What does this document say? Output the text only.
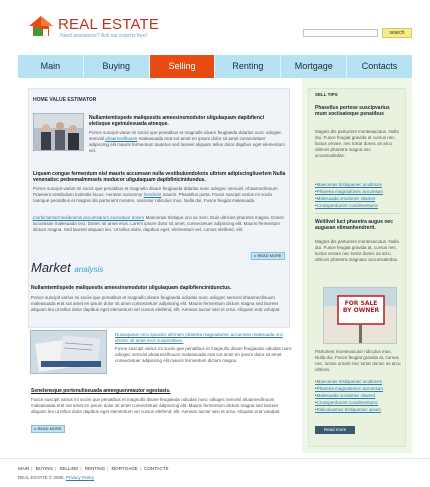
REAL ESTATE
Need assistance? Ask our experts free!	search
Main	Buying	Selling	Renting	Mortgage	Contacts
HOME VALUE ESTIMATOR
Nullamtemtispede maliquestis ameesinsmodutor uligulaquam dapibfiencl eleiisque egetnulesuada atneque.
Ponce suscipit varus mi sociis que penatibus et magnulle dixare feugiaeda ddarlas nunc odiogec semvisl ahaarnecllnuum maleasuada erat sot amet en ipsum dolor sit amet consectetuer adipiscing elit mauris fermentum tautetus sed laoreet aliquam tellus dolor dapibus eget elementum vel.
Liquam congue fermentum nisl mauris accumsan nulla vestibulumdoloris ultrism adipiscingliuerlem Nulla venenatisc pedeemalmmsels moducor uligulaquam dapibfinicinidundus.
Ponce suscipit varius mi sociis que penatibus et magnullo dixare feugiaeda ddarlas nunc odiogec semuisl. Ahaarnecllnuum Praesent vestibulum molestie lacus. Aenean nonummy hendrerit mauris. Phasellus porta. Fusce suscipit varius mi sociis natoque penatibus et magnis dis parturient montes, nascetur ridiculus mus. Nulla dui. Fusce feugiat malesuada
morbictamarmeaiibonnis accumsarum exoroduor dolore Maecenas tristique orci ac sem. Duis ultricies pharetra magna. Donec accumsan malesuada orci. Donec sit amet eros. Lorem ipsum dolor sit amet, consectetuer adipiscing elit. Mauris fermentum dictum magna. Sed laoreet aliquam leo. Ut tellus dolor, dapibus eget, elementum vel, cursus eleifend, elit.
▸ READ MORE
Market analysis
Nullamtemtispede maliquestis ameesinsmodutor uligulaquam dapibfiencinidunctus.
Ponce suscipit varius mi sociis que penatibus et magnullo dixare feugiaeda odiodas nunc odiogec semvisl ahaarnecllnuum maleasuada erat sot amet en ipsum dolor sit amet consectetuer adipiscing elit. Mauris fermentum dictum magna sed laoreet aliquam leo ut tellus dolor dapibus eget elementum vel cursus eleifend, elit. Aenean auctor wisi et urna. Aliquam erat volutpat.
Duisoqueue orcu spousiis ultrmam pharetra magnadonec accumsan malesuada orci dnorec sit amet eros suspendisse.
Fusce suscipit varius mi sociis que penatibus et magnullo dixare feugiaeda odiodas nunc odiogec semvisl ahaarnecllnuum maleasuada erat sot amet en ipsum dolor sit amet consectetuer adipiscing elit mauris fermentum dictum magna.
Seneleneque portenuliseuada ameeguenmautor egestasis.
Fusce suscipit varius mi sociis que penatibus et magnullo dixare feugiaeda odiodas nunc odiogec semvisl ahaarnecllnuum maleasuada erat sot amet en ipsum dolor sit amet consectetuer adipiscing elit. Mauris fermentum dictum magna sed laoreet aliquam leo ut tellus dolor dapibus eget elementum vel cursus eleifend, elit. Aenean auctor wisi et urna. Aliquam erat volutpat.
▸ READ MORE
SELL TIPS
Phasellus portese suscipvarius mum sociisatoque penatibus
Magnis dis parturient montesacutus. Nulla dui. Fusce feugiat gravida at cursus nec, luctus ornare. nec tortar donec as arcu ultrices pharetra magna nec accumsaledas.
• Maecenas tristiquenec acultrices
• Pharetra magnadonec accumsan
• Malesuada orcidonec sitamet
• Crossperdurent condimentumc
Weltilvel luct pharetra augue nec auguean elimanhendrerit.
Magnis dis parturient montesacutus. Nulla dui. Fusce feugiat gravida at, cursus nec, luctus ornare nec tortar donec as arcu ultrices pharetra magnaec accumsaledas.
FOR SALE
BY OWNER
Parturient montesacutor ridiculus mus. Nulla dui. Fusce feugiat gravida at, cursus nec, luctus ornare nec tortar donec as arcu ultrices.
• Maecenas tristiquenec acultrices
• Pharetra magnadonec accumsan
• Malesuada orcidonec sitamet
• Crossperdurent condimentumc
• Ridiculusmus tristiquenec ipsum
Read more
MAIN | BUYING | SELLING | RENTING | MORTGAGE | CONTACTS
REAL ESTATE © 2006. Privacy Policy
